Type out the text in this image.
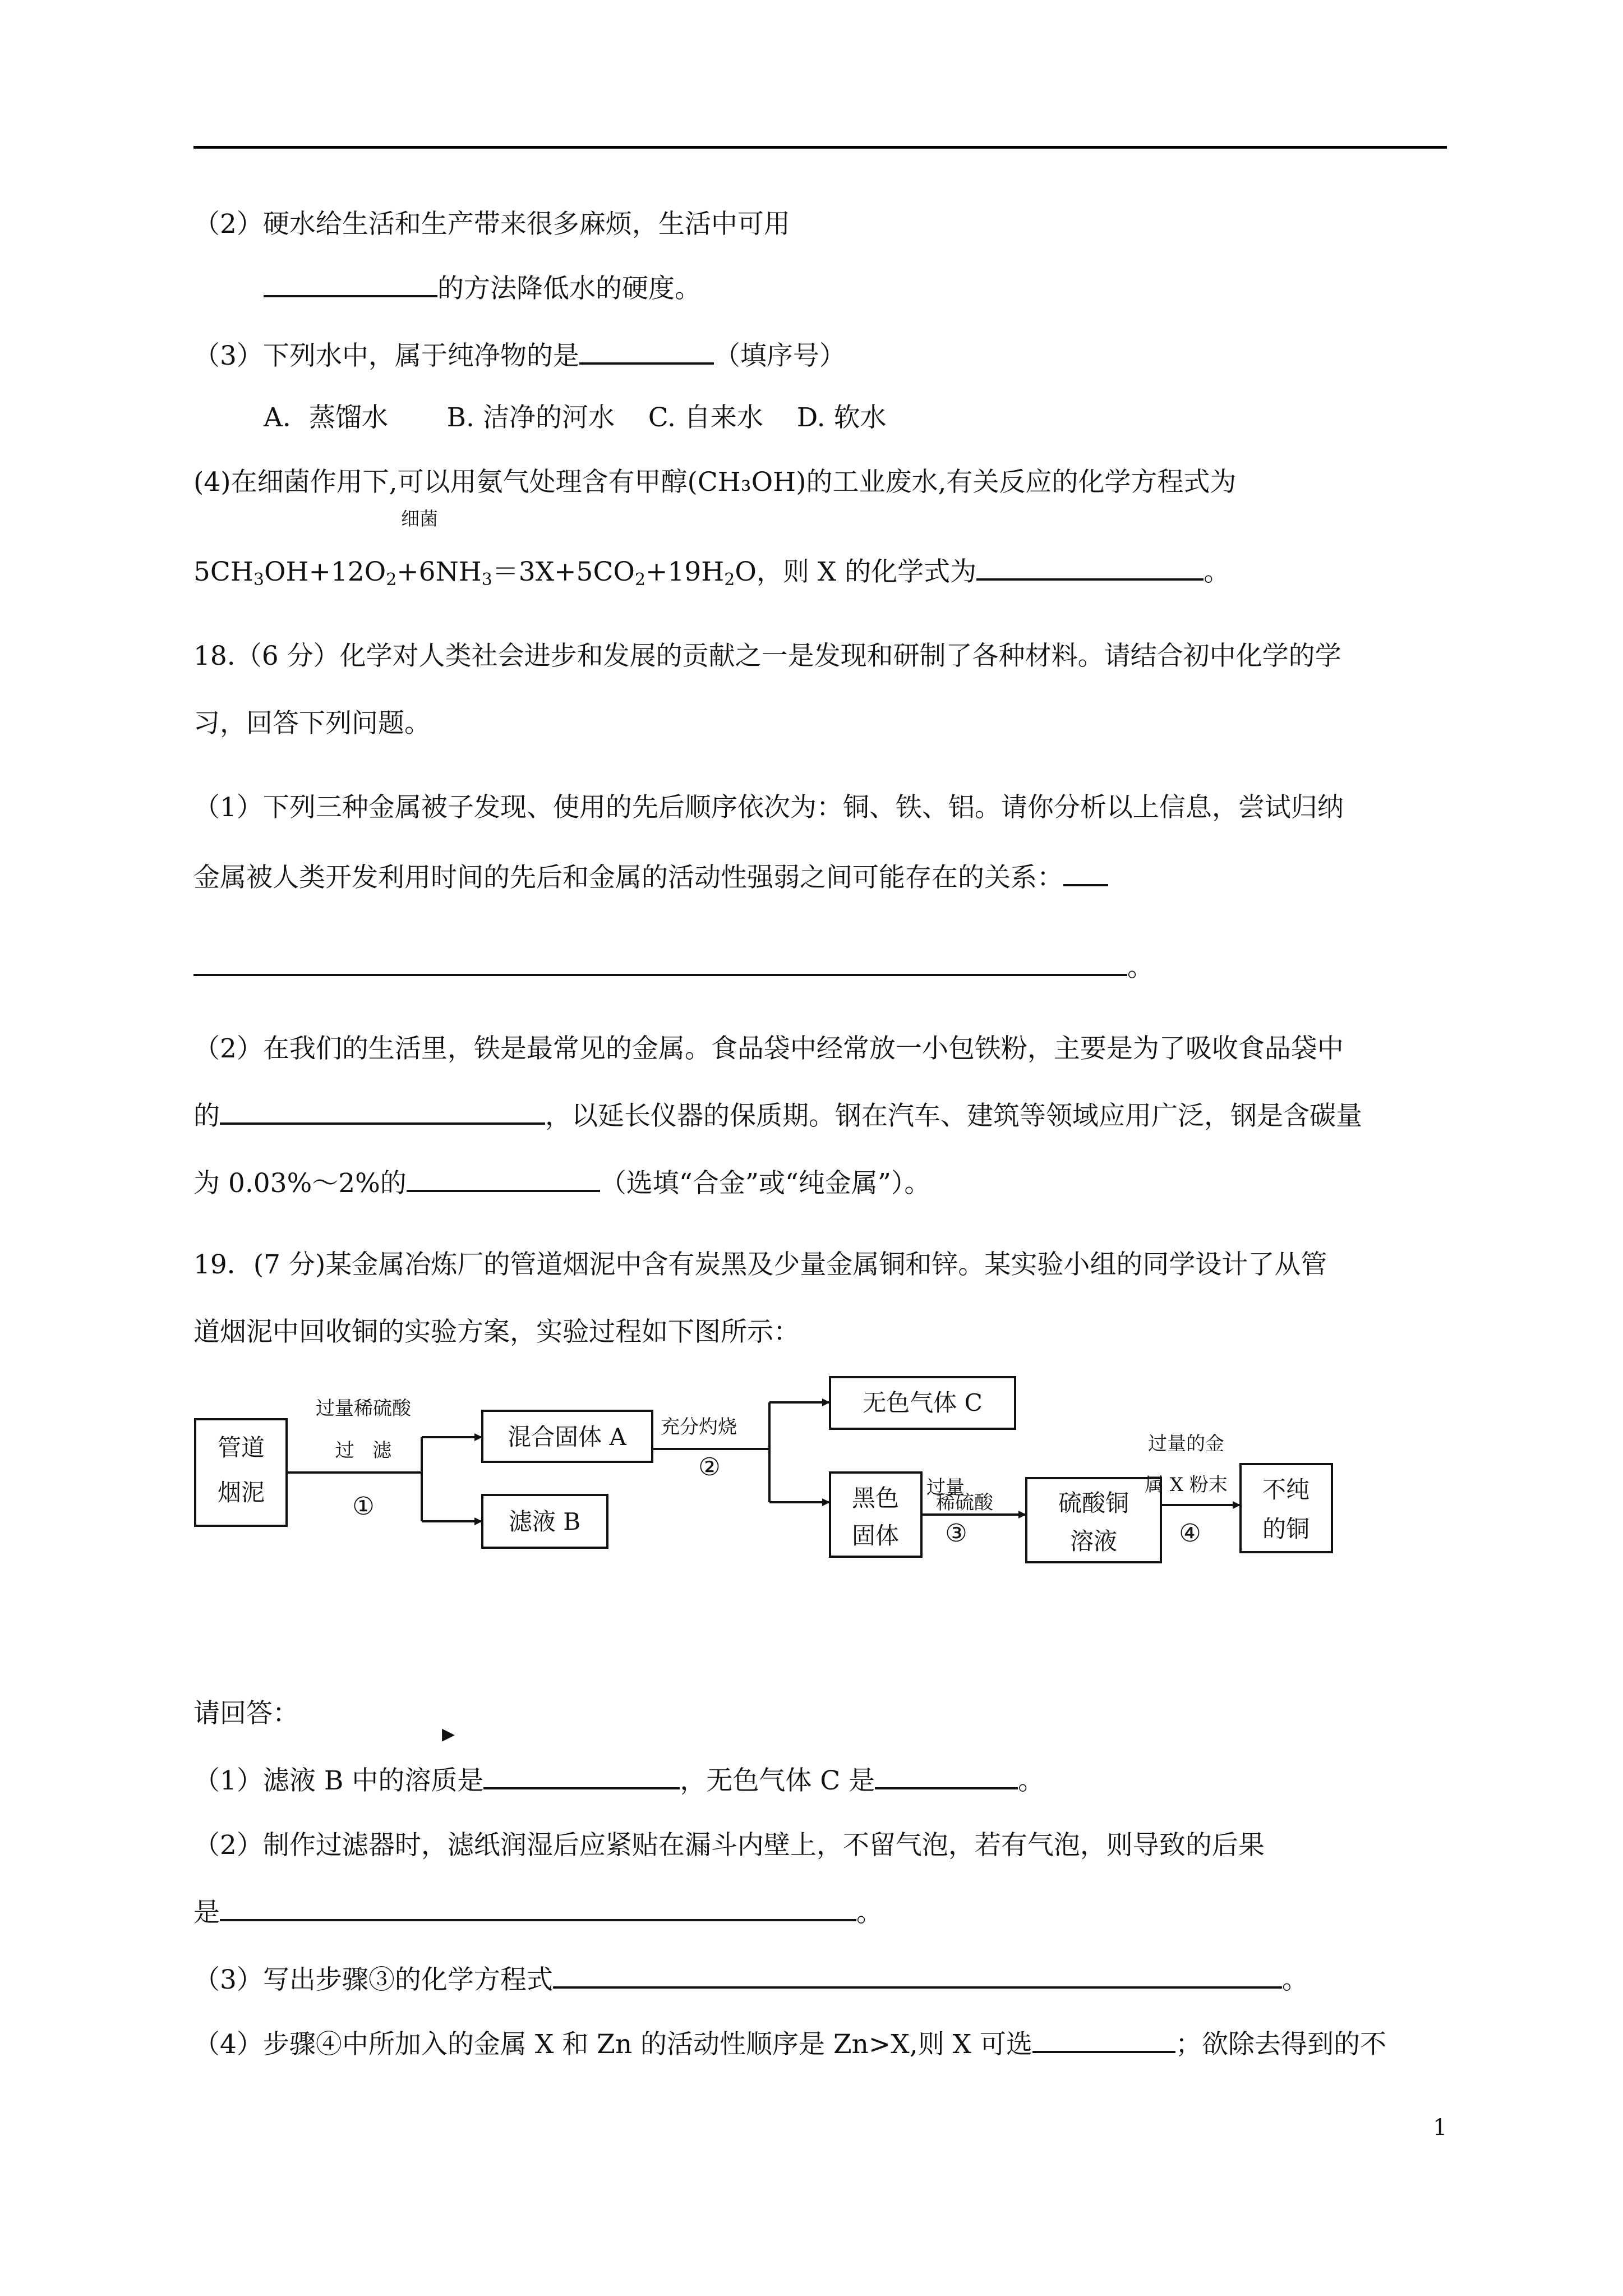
（2）硬水给生活和生产带来很多麻烦，生活中可用
的方法降低水的硬度。
（3）下列水中，属于纯净物的是	（填序号）
A．蒸馏水       B. 洁净的河水    C. 自来水    D. 软水
(4)在细菌作用下,可以用氨气处理含有甲醇(CH₃OH)的工业废水,有关反应的化学方程式为
细菌
$5CH_3OH+12O_2+6NH_3=3X+5CO_2+19H_2O$，则 X 的化学式为	。
18.（6 分）化学对人类社会进步和发展的贡献之一是发现和研制了各种材料。请结合初中化学的学
习，回答下列问题。
（1）下列三种金属被子发现、使用的先后顺序依次为：铜、铁、铝。请你分析以上信息，尝试归纳
金属被人类开发利用时间的先后和金属的活动性强弱之间可能存在的关系：
。
（2）在我们的生活里，铁是最常见的金属。食品袋中经常放一小包铁粉，主要是为了吸收食品袋中
的	，以延长仪器的保质期。钢在汽车、建筑等领域应用广泛，钢是含碳量
为 0.03%～2%的	（选填“合金”或“纯金属”）。
19．(7 分)某金属冶炼厂的管道烟泥中含有炭黑及少量金属铜和锌。某实验小组的同学设计了从管
道烟泥中回收铜的实验方案，实验过程如下图所示：
管道
烟泥
混合固体 A
滤液 B
无色气体 C
黑色
固体
硫酸铜
溶液
不纯
的铜
过量稀硫酸
过   滤
①
充分灼烧
②
过量
稀硫酸
③
过量的金
属 X 粉末
④
请回答：
▶
（1）滤液 B 中的溶质是	，无色气体 C 是	。
（2）制作过滤器时，滤纸润湿后应紧贴在漏斗内壁上，不留气泡，若有气泡，则导致的后果
是	。
（3）写出步骤③的化学方程式	。
（4）步骤④中所加入的金属 X 和 Zn 的活动性顺序是 Zn>X,则 X 可选	；欲除去得到的不
1
